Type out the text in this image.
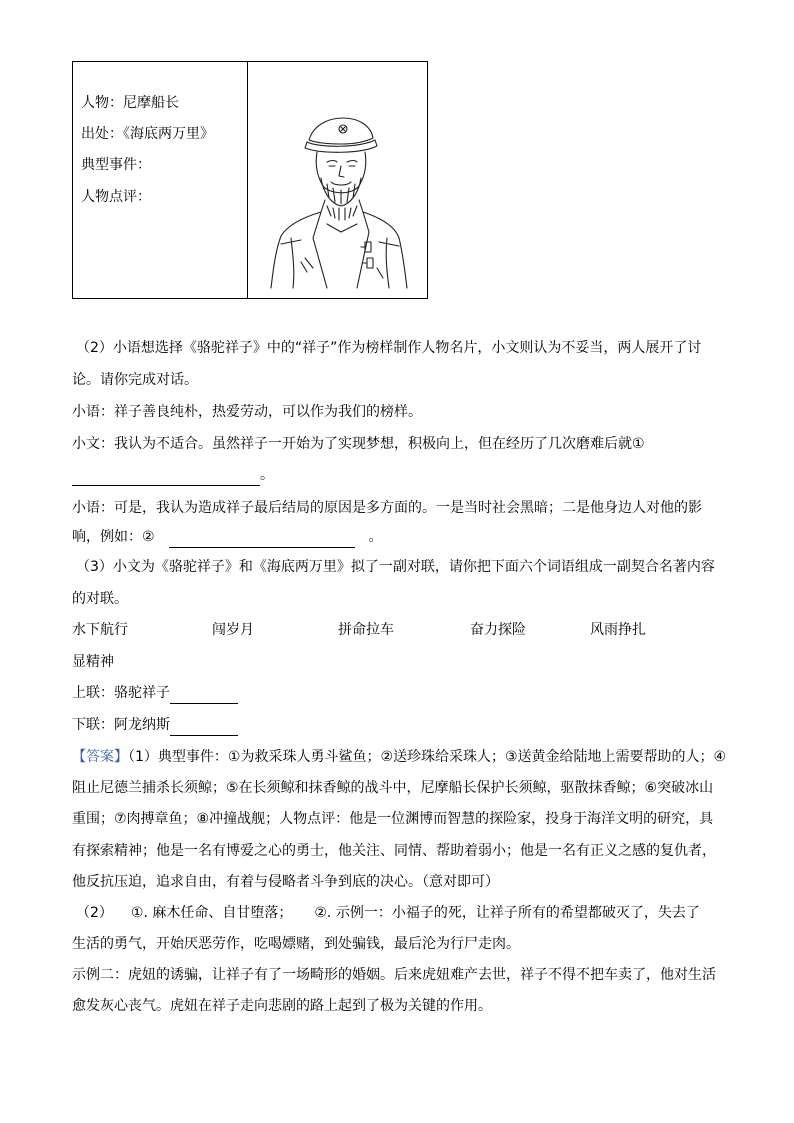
人物：尼摩船长
出处：《海底两万里》
典型事件：
人物点评：
（2）小语想选择《骆驼祥子》中的“祥子”作为榜样制作人物名片，小文则认为不妥当，两人展开了讨
论。请你完成对话。
小语：祥子善良纯朴，热爱劳动，可以作为我们的榜样。
小文：我认为不适合。虽然祥子一开始为了实现梦想，积极向上，但在经历了几次磨难后就①
。
小语：可是，我认为造成祥子最后结局的原因是多方面的。一是当时社会黑暗；二是他身边人对他的影
响，例如：②	。
（3）小文为《骆驼祥子》和《海底两万里》拟了一副对联，请你把下面六个词语组成一副契合名著内容
的对联。
水下航行	闯岁月	拼命拉车	奋力探险	风雨挣扎
显精神
上联：骆驼祥子
下联：阿龙纳斯
【答案】（1）典型事件：①为救采珠人勇斗鲨鱼；②送珍珠给采珠人；③送黄金给陆地上需要帮助的人；④
阻止尼德兰捕杀长须鲸；⑤在长须鲸和抹香鲸的战斗中，尼摩船长保护长须鲸，驱散抹香鲸；⑥突破冰山
重围；⑦肉搏章鱼；⑧冲撞战舰；人物点评：他是一位渊博而智慧的探险家，投身于海洋文明的研究，具
有探索精神；他是一名有博爱之心的勇士，他关注、同情、帮助着弱小；他是一名有正义之感的复仇者，
他反抗压迫，追求自由，有着与侵略者斗争到底的决心。（意对即可）
（2） ①. 麻木任命、自甘堕落； ②. 示例一：小福子的死，让祥子所有的希望都破灭了，失去了
生活的勇气，开始厌恶劳作，吃喝嫖赌，到处骗钱，最后沦为行尸走肉。
示例二：虎妞的诱骗，让祥子有了一场畸形的婚姻。后来虎妞难产去世，祥子不得不把车卖了，他对生活
愈发灰心丧气。虎妞在祥子走向悲剧的路上起到了极为关键的作用。
